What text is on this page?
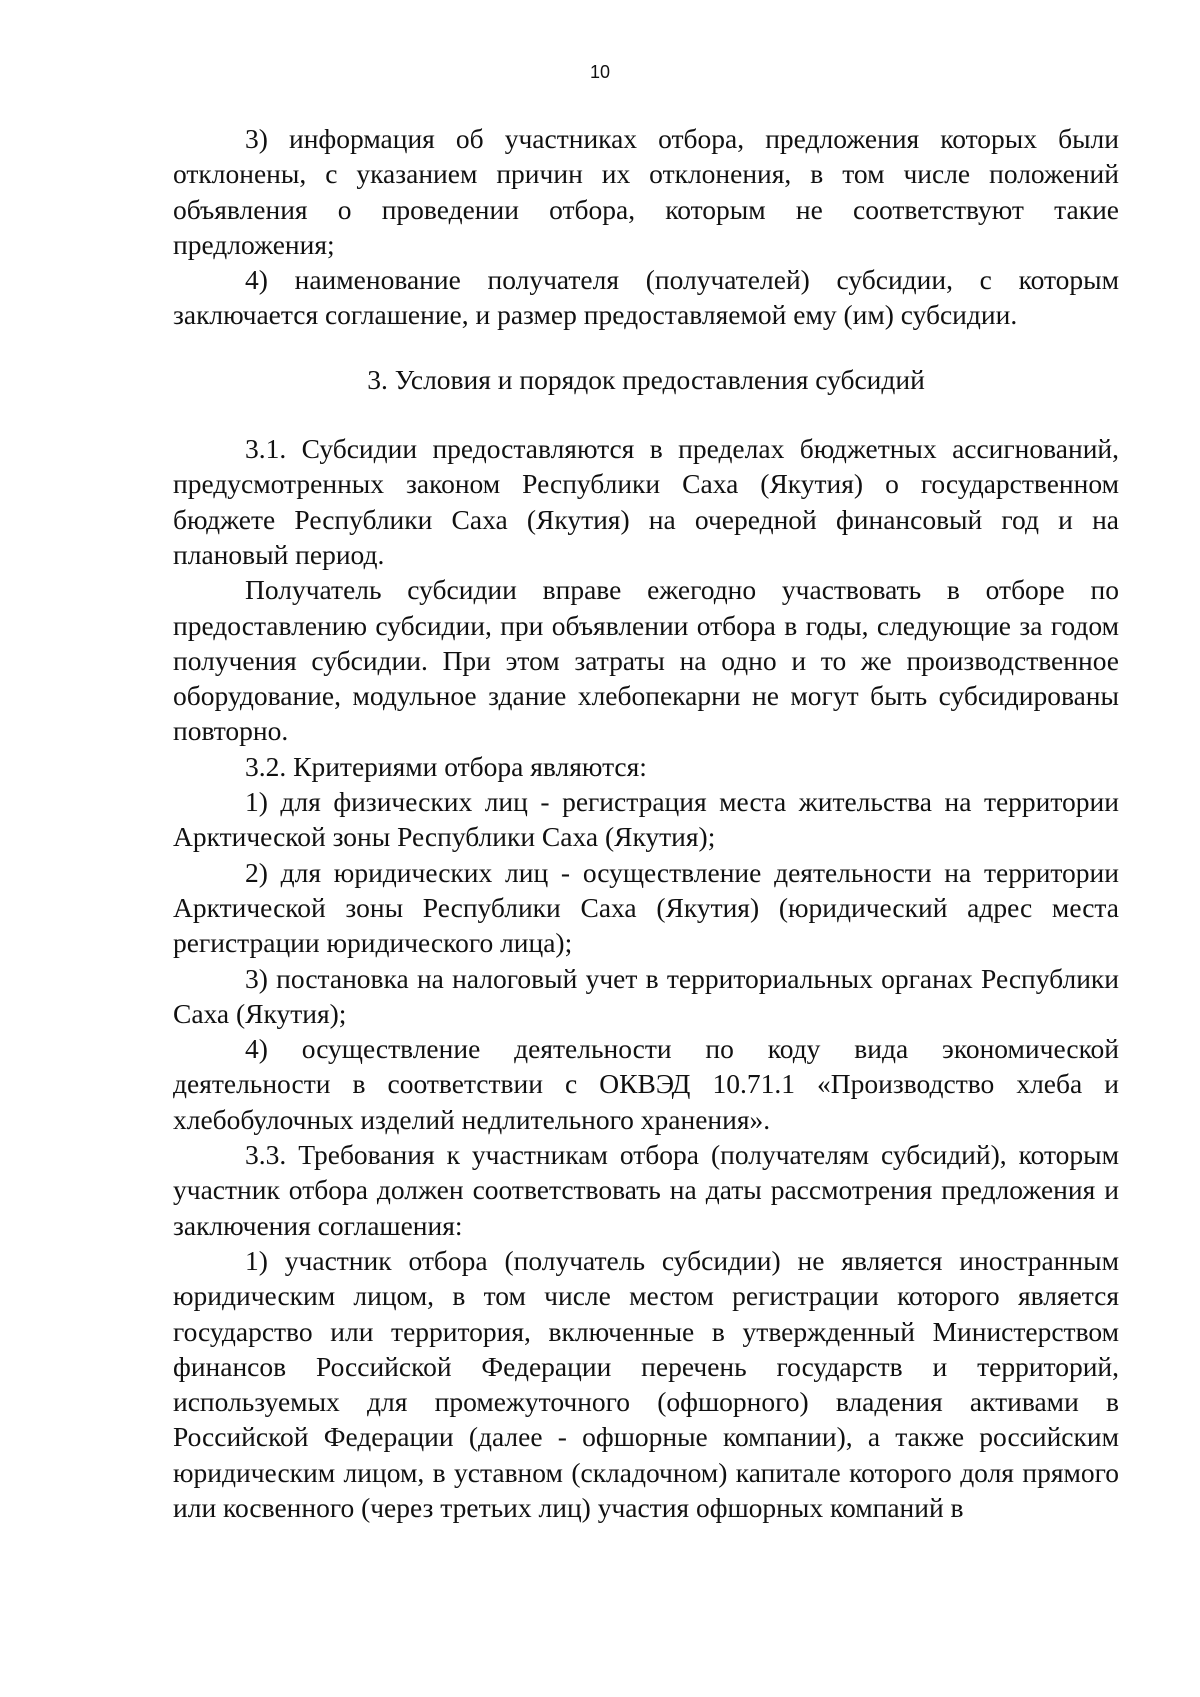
10

3) информация об участниках отбора, предложения которых были отклонены, с указанием причин их отклонения, в том числе положений объявления о проведении отбора, которым не соответствуют такие предложения;

4) наименование получателя (получателей) субсидии, с которым заключается соглашение, и размер предоставляемой ему (им) субсидии.

3. Условия и порядок предоставления субсидий

3.1. Субсидии предоставляются в пределах бюджетных ассигнований, предусмотренных законом Республики Саха (Якутия) о государственном бюджете Республики Саха (Якутия) на очередной финансовый год и на плановый период.

Получатель субсидии вправе ежегодно участвовать в отборе по предоставлению субсидии, при объявлении отбора в годы, следующие за годом получения субсидии. При этом затраты на одно и то же производственное оборудование, модульное здание хлебопекарни не могут быть субсидированы повторно.

3.2. Критериями отбора являются:

1) для физических лиц - регистрация места жительства на территории Арктической зоны Республики Саха (Якутия);

2) для юридических лиц - осуществление деятельности на территории Арктической зоны Республики Саха (Якутия) (юридический адрес места регистрации юридического лица);

3) постановка на налоговый учет в территориальных органах Республики Саха (Якутия);

4) осуществление деятельности по коду вида экономической деятельности в соответствии с ОКВЭД 10.71.1 «Производство хлеба и хлебобулочных изделий недлительного хранения».

3.3. Требования к участникам отбора (получателям субсидий), которым участник отбора должен соответствовать на даты рассмотрения предложения и заключения соглашения:

1) участник отбора (получатель субсидии) не является иностранным юридическим лицом, в том числе местом регистрации которого является государство или территория, включенные в утвержденный Министерством финансов Российской Федерации перечень государств и территорий, используемых для промежуточного (офшорного) владения активами в Российской Федерации (далее - офшорные компании), а также российским юридическим лицом, в уставном (складочном) капитале которого доля прямого или косвенного (через третьих лиц) участия офшорных компаний в
